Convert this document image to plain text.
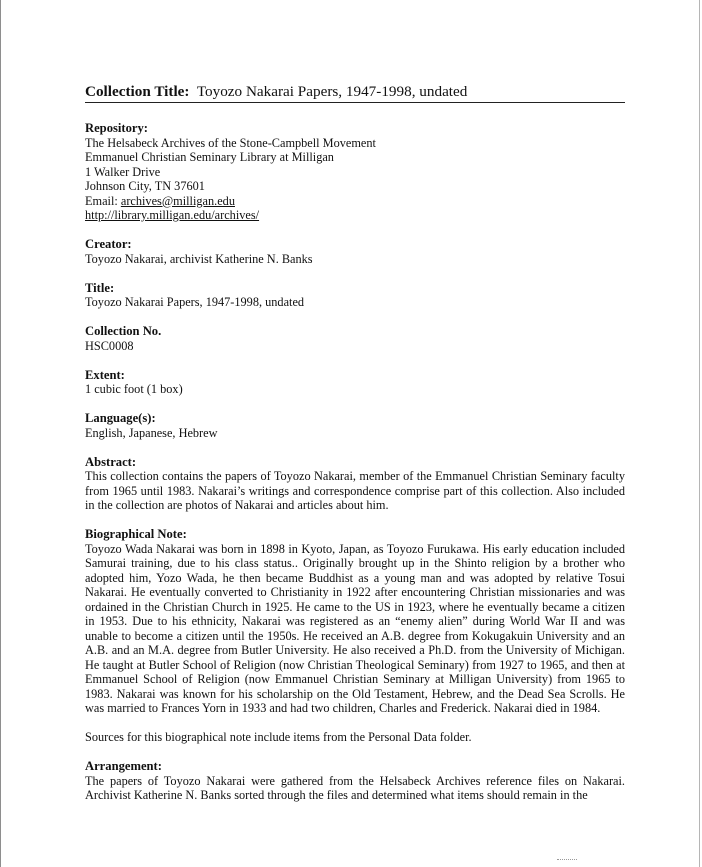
Collection Title: Toyozo Nakarai Papers, 1947-1998, undated
Repository:
The Helsabeck Archives of the Stone-Campbell Movement
Emmanuel Christian Seminary Library at Milligan
1 Walker Drive
Johnson City, TN 37601
Email: archives@milligan.edu
http://library.milligan.edu/archives/
Creator:
Toyozo Nakarai, archivist Katherine N. Banks
Title:
Toyozo Nakarai Papers, 1947-1998, undated
Collection No.
HSC0008
Extent:
1 cubic foot (1 box)
Language(s):
English, Japanese, Hebrew
Abstract:
This collection contains the papers of Toyozo Nakarai, member of the Emmanuel Christian Seminary faculty from 1965 until 1983. Nakarai’s writings and correspondence comprise part of this collection. Also included in the collection are photos of Nakarai and articles about him.
Biographical Note:
Toyozo Wada Nakarai was born in 1898 in Kyoto, Japan, as Toyozo Furukawa. His early education included Samurai training, due to his class status.. Originally brought up in the Shinto religion by a brother who adopted him, Yozo Wada, he then became Buddhist as a young man and was adopted by relative Tosui Nakarai. He eventually converted to Christianity in 1922 after encountering Christian missionaries and was ordained in the Christian Church in 1925. He came to the US in 1923, where he eventually became a citizen in 1953. Due to his ethnicity, Nakarai was registered as an “enemy alien” during World War II and was unable to become a citizen until the 1950s. He received an A.B. degree from Kokugakuin University and an A.B. and an M.A. degree from Butler University. He also received a Ph.D. from the University of Michigan. He taught at Butler School of Religion (now Christian Theological Seminary) from 1927 to 1965, and then at Emmanuel School of Religion (now Emmanuel Christian Seminary at Milligan University) from 1965 to 1983. Nakarai was known for his scholarship on the Old Testament, Hebrew, and the Dead Sea Scrolls. He was married to Frances Yorn in 1933 and had two children, Charles and Frederick. Nakarai died in 1984.
Sources for this biographical note include items from the Personal Data folder.
Arrangement:
The papers of Toyozo Nakarai were gathered from the Helsabeck Archives reference files on Nakarai. Archivist Katherine N. Banks sorted through the files and determined what items should remain in the
